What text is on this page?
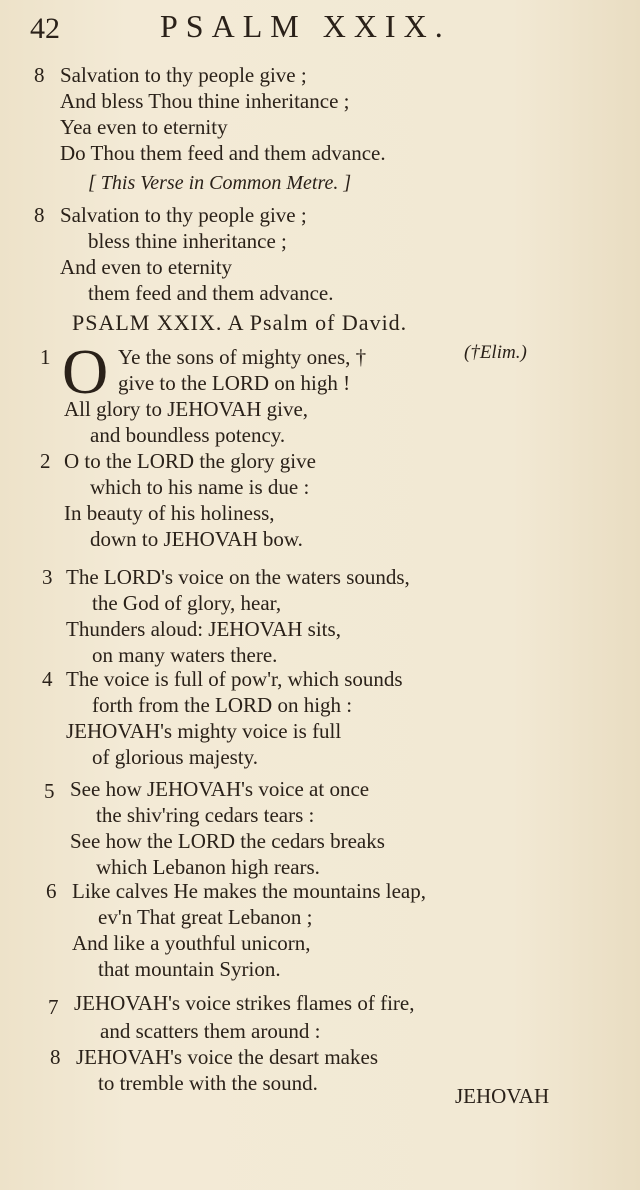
42	PSALM XXIX.
8 Salvation to thy people give ;
And bless Thou thine inheritance ;
Yea even to eternity
Do Thou them feed and them advance.
[ This Verse in Common Metre. ]
8 Salvation to thy people give ;
bless thine inheritance ;
And even to eternity
them feed and them advance.
PSALM XXIX. A Psalm of David.
1 O Ye the sons of mighty ones, †	(†Elim.)
give to the LORD on high !
All glory to JEHOVAH give,
and boundless potency.
2 O to the LORD the glory give
which to his name is due :
In beauty of his holiness,
down to JEHOVAH bow.
3 The LORD's voice on the waters sounds,
the God of glory, hear,
Thunders aloud: JEHOVAH sits,
on many waters there.
4 The voice is full of pow'r, which sounds
forth from the LORD on high :
JEHOVAH's mighty voice is full
of glorious majesty.
5 See how JEHOVAH's voice at once
the shiv'ring cedars tears :
See how the LORD the cedars breaks
which Lebanon high rears.
6 Like calves He makes the mountains leap,
ev'n That great Lebanon ;
And like a youthful unicorn,
that mountain Syrion.
7 JEHOVAH's voice strikes flames of fire,
and scatters them around :
8 JEHOVAH's voice the desart makes
to tremble with the sound.
JEHOVAH
